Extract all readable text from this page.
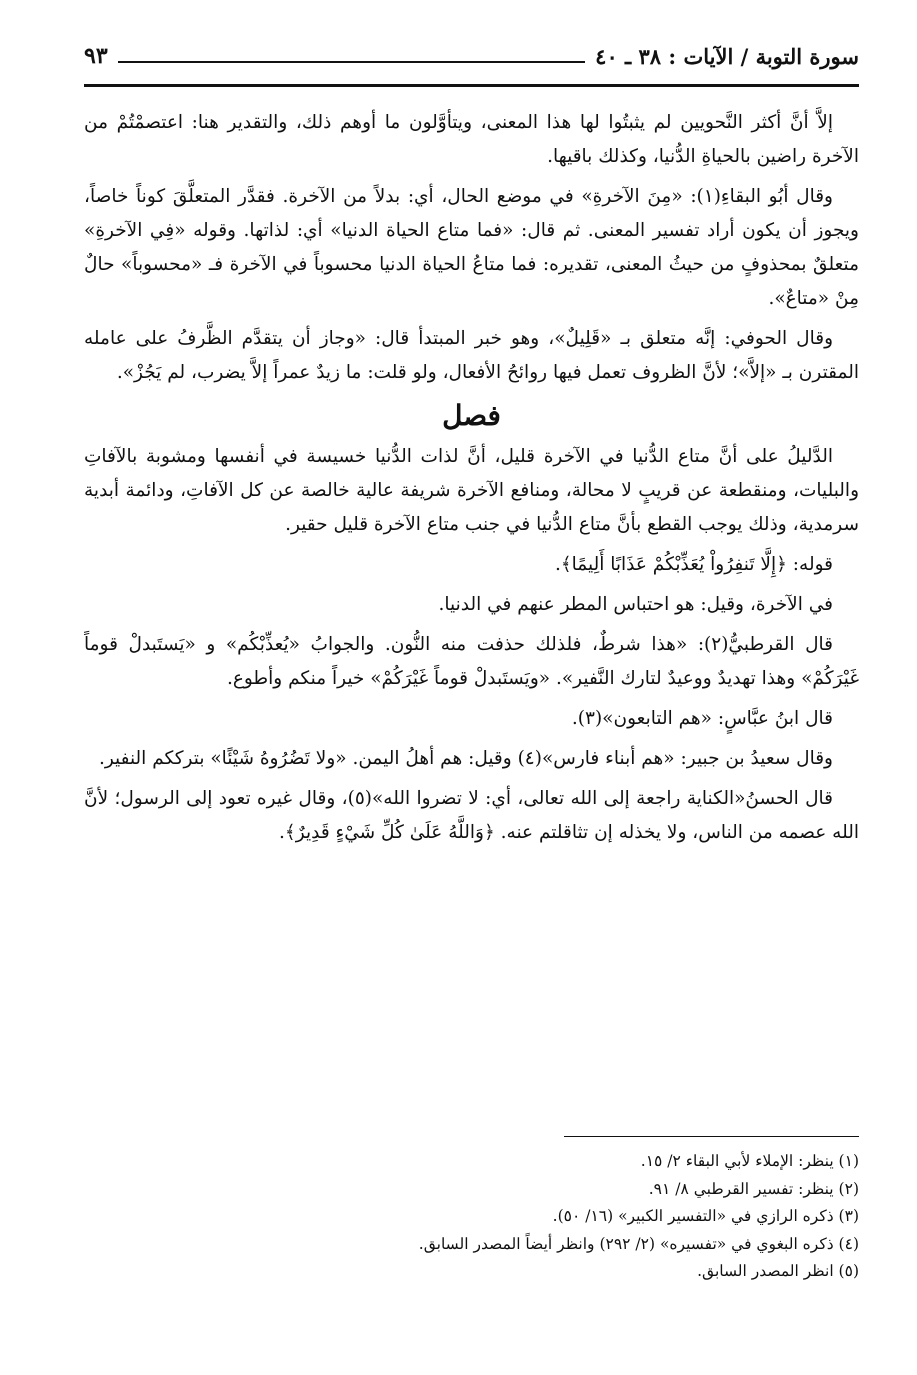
سورة التوبة / الآيات : ٣٨ ـ ٤٠
٩٣

إلاَّ أنَّ أكثر النَّحويين لم يثبتُوا لها هذا المعنى، ويتأوَّلون ما أوهم ذلك، والتقدير هنا: اعتصمْتُمْ من الآخرة راضين بالحياةِ الدُّنيا، وكذلك باقيها.

وقال أبُو البقاءِ(١): «مِنَ الآخرةِ» في موضع الحال، أي: بدلاً من الآخرة. فقدَّر المتعلَّقَ كوناً خاصاً، ويجوز أن يكون أراد تفسير المعنى. ثم قال: «فما متاع الحياة الدنيا» أي: لذاتها. وقوله «فِي الآخرةِ» متعلقٌ بمحذوفٍ من حيثُ المعنى، تقديره: فما متاعُ الحياة الدنيا محسوباً في الآخرة فـ «محسوباً» حالٌ مِنْ «متاعٌ».

وقال الحوفي: إنَّه متعلق بـ «قَلِيلٌ»، وهو خبر المبتدأ قال: «وجاز أن يتقدَّم الظَّرفُ على عامله المقترن بـ «إلاَّ»؛ لأنَّ الظروف تعمل فيها روائحُ الأفعال، ولو قلت: ما زيدٌ عمراً إلاَّ يضرب، لم يَجُزْ».

فصل

الدَّليلُ على أنَّ متاع الدُّنيا في الآخرة قليل، أنَّ لذات الدُّنيا خسيسة في أنفسها ومشوبة بالآفاتِ والبليات، ومنقطعة عن قريبٍ لا محالة، ومنافع الآخرة شريفة عالية خالصة عن كل الآفاتِ، ودائمة أبدية سرمدية، وذلك يوجب القطع بأنَّ متاع الدُّنيا في جنب متاع الآخرة قليل حقير.

قوله: ﴿إِلَّا تَنفِرُواْ يُعَذِّبْكُمْ عَذَابًا أَلِيمًا﴾.

في الآخرة، وقيل: هو احتباس المطر عنهم في الدنيا.

قال القرطبيُّ(٢): «هذا شرطٌ، فلذلك حذفت منه النُّون. والجوابُ «يُعذِّبْكُم» و «يَستَبدلْ قوماً غَيْرَكُمْ» وهذا تهديدٌ ووعيدٌ لتارك النَّفير». «ويَستَبدلْ قوماً غَيْرَكُمْ» خيراً منكم وأطوع.

قال ابنُ عبَّاسٍ: «هم التابعون»(٣).

وقال سعيدُ بن جبير: «هم أبناء فارس»(٤) وقيل: هم أهلُ اليمن. «ولا تَضُرُوهُ شَيْئًا» بترككم النفير.

قال الحسنُ«الكناية راجعة إلى الله تعالى، أي: لا تضروا الله»(٥)، وقال غيره تعود إلى الرسول؛ لأنَّ الله عصمه من الناس، ولا يخذله إن تثاقلتم عنه. ﴿وَاللَّهُ عَلَىٰ كُلِّ شَيْءٍ قَدِيرٌ﴾.

(١) ينظر: الإملاء لأبي البقاء ٢/ ١٥.

(٢) ينظر: تفسير القرطبي ٨/ ٩١.

(٣) ذكره الرازي في «التفسير الكبير» (١٦/ ٥٠).

(٤) ذكره البغوي في «تفسيره» (٢/ ٢٩٢) وانظر أيضاً المصدر السابق.

(٥) انظر المصدر السابق.
